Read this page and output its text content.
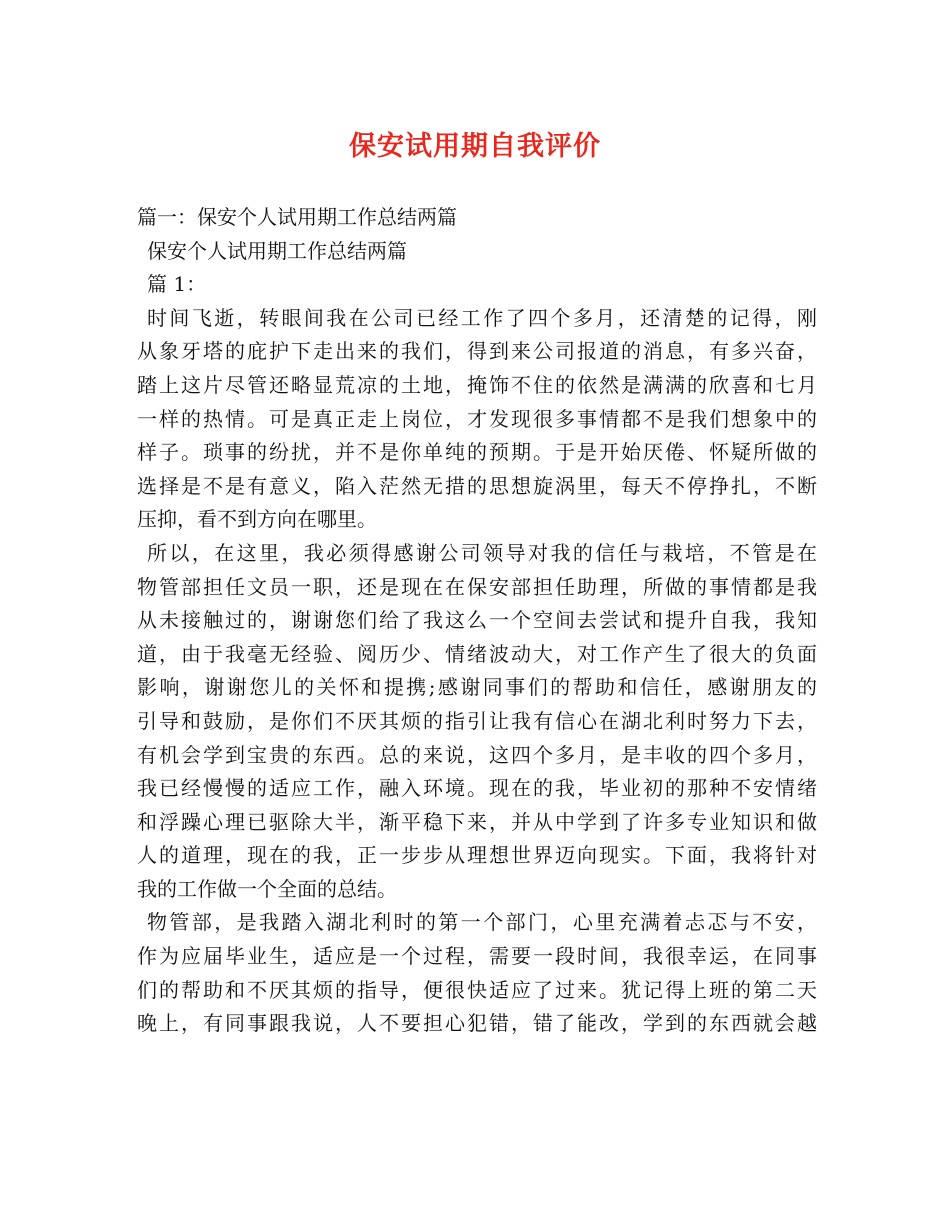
保安试用期自我评价
篇一：保安个人试用期工作总结两篇
保安个人试用期工作总结两篇
篇 1：
时间飞逝，转眼间我在公司已经工作了四个多月，还清楚的记得，刚
从象牙塔的庇护下走出来的我们，得到来公司报道的消息，有多兴奋，
踏上这片尽管还略显荒凉的土地，掩饰不住的依然是满满的欣喜和七月
一样的热情。可是真正走上岗位，才发现很多事情都不是我们想象中的
样子。琐事的纷扰，并不是你单纯的预期。于是开始厌倦、怀疑所做的
选择是不是有意义，陷入茫然无措的思想旋涡里，每天不停挣扎，不断
压抑，看不到方向在哪里。
所以，在这里，我必须得感谢公司领导对我的信任与栽培，不管是在
物管部担任文员一职，还是现在在保安部担任助理，所做的事情都是我
从未接触过的，谢谢您们给了我这么一个空间去尝试和提升自我，我知
道，由于我毫无经验、阅历少、情绪波动大，对工作产生了很大的负面
影响，谢谢您儿的关怀和提携;感谢同事们的帮助和信任，感谢朋友的
引导和鼓励，是你们不厌其烦的指引让我有信心在湖北利时努力下去，
有机会学到宝贵的东西。总的来说，这四个多月，是丰收的四个多月，
我已经慢慢的适应工作，融入环境。现在的我，毕业初的那种不安情绪
和浮躁心理已驱除大半，渐平稳下来，并从中学到了许多专业知识和做
人的道理，现在的我，正一步步从理想世界迈向现实。下面，我将针对
我的工作做一个全面的总结。
物管部，是我踏入湖北利时的第一个部门，心里充满着忐忑与不安，
作为应届毕业生，适应是一个过程，需要一段时间，我很幸运，在同事
们的帮助和不厌其烦的指导，便很快适应了过来。犹记得上班的第二天
晚上，有同事跟我说，人不要担心犯错，错了能改，学到的东西就会越
